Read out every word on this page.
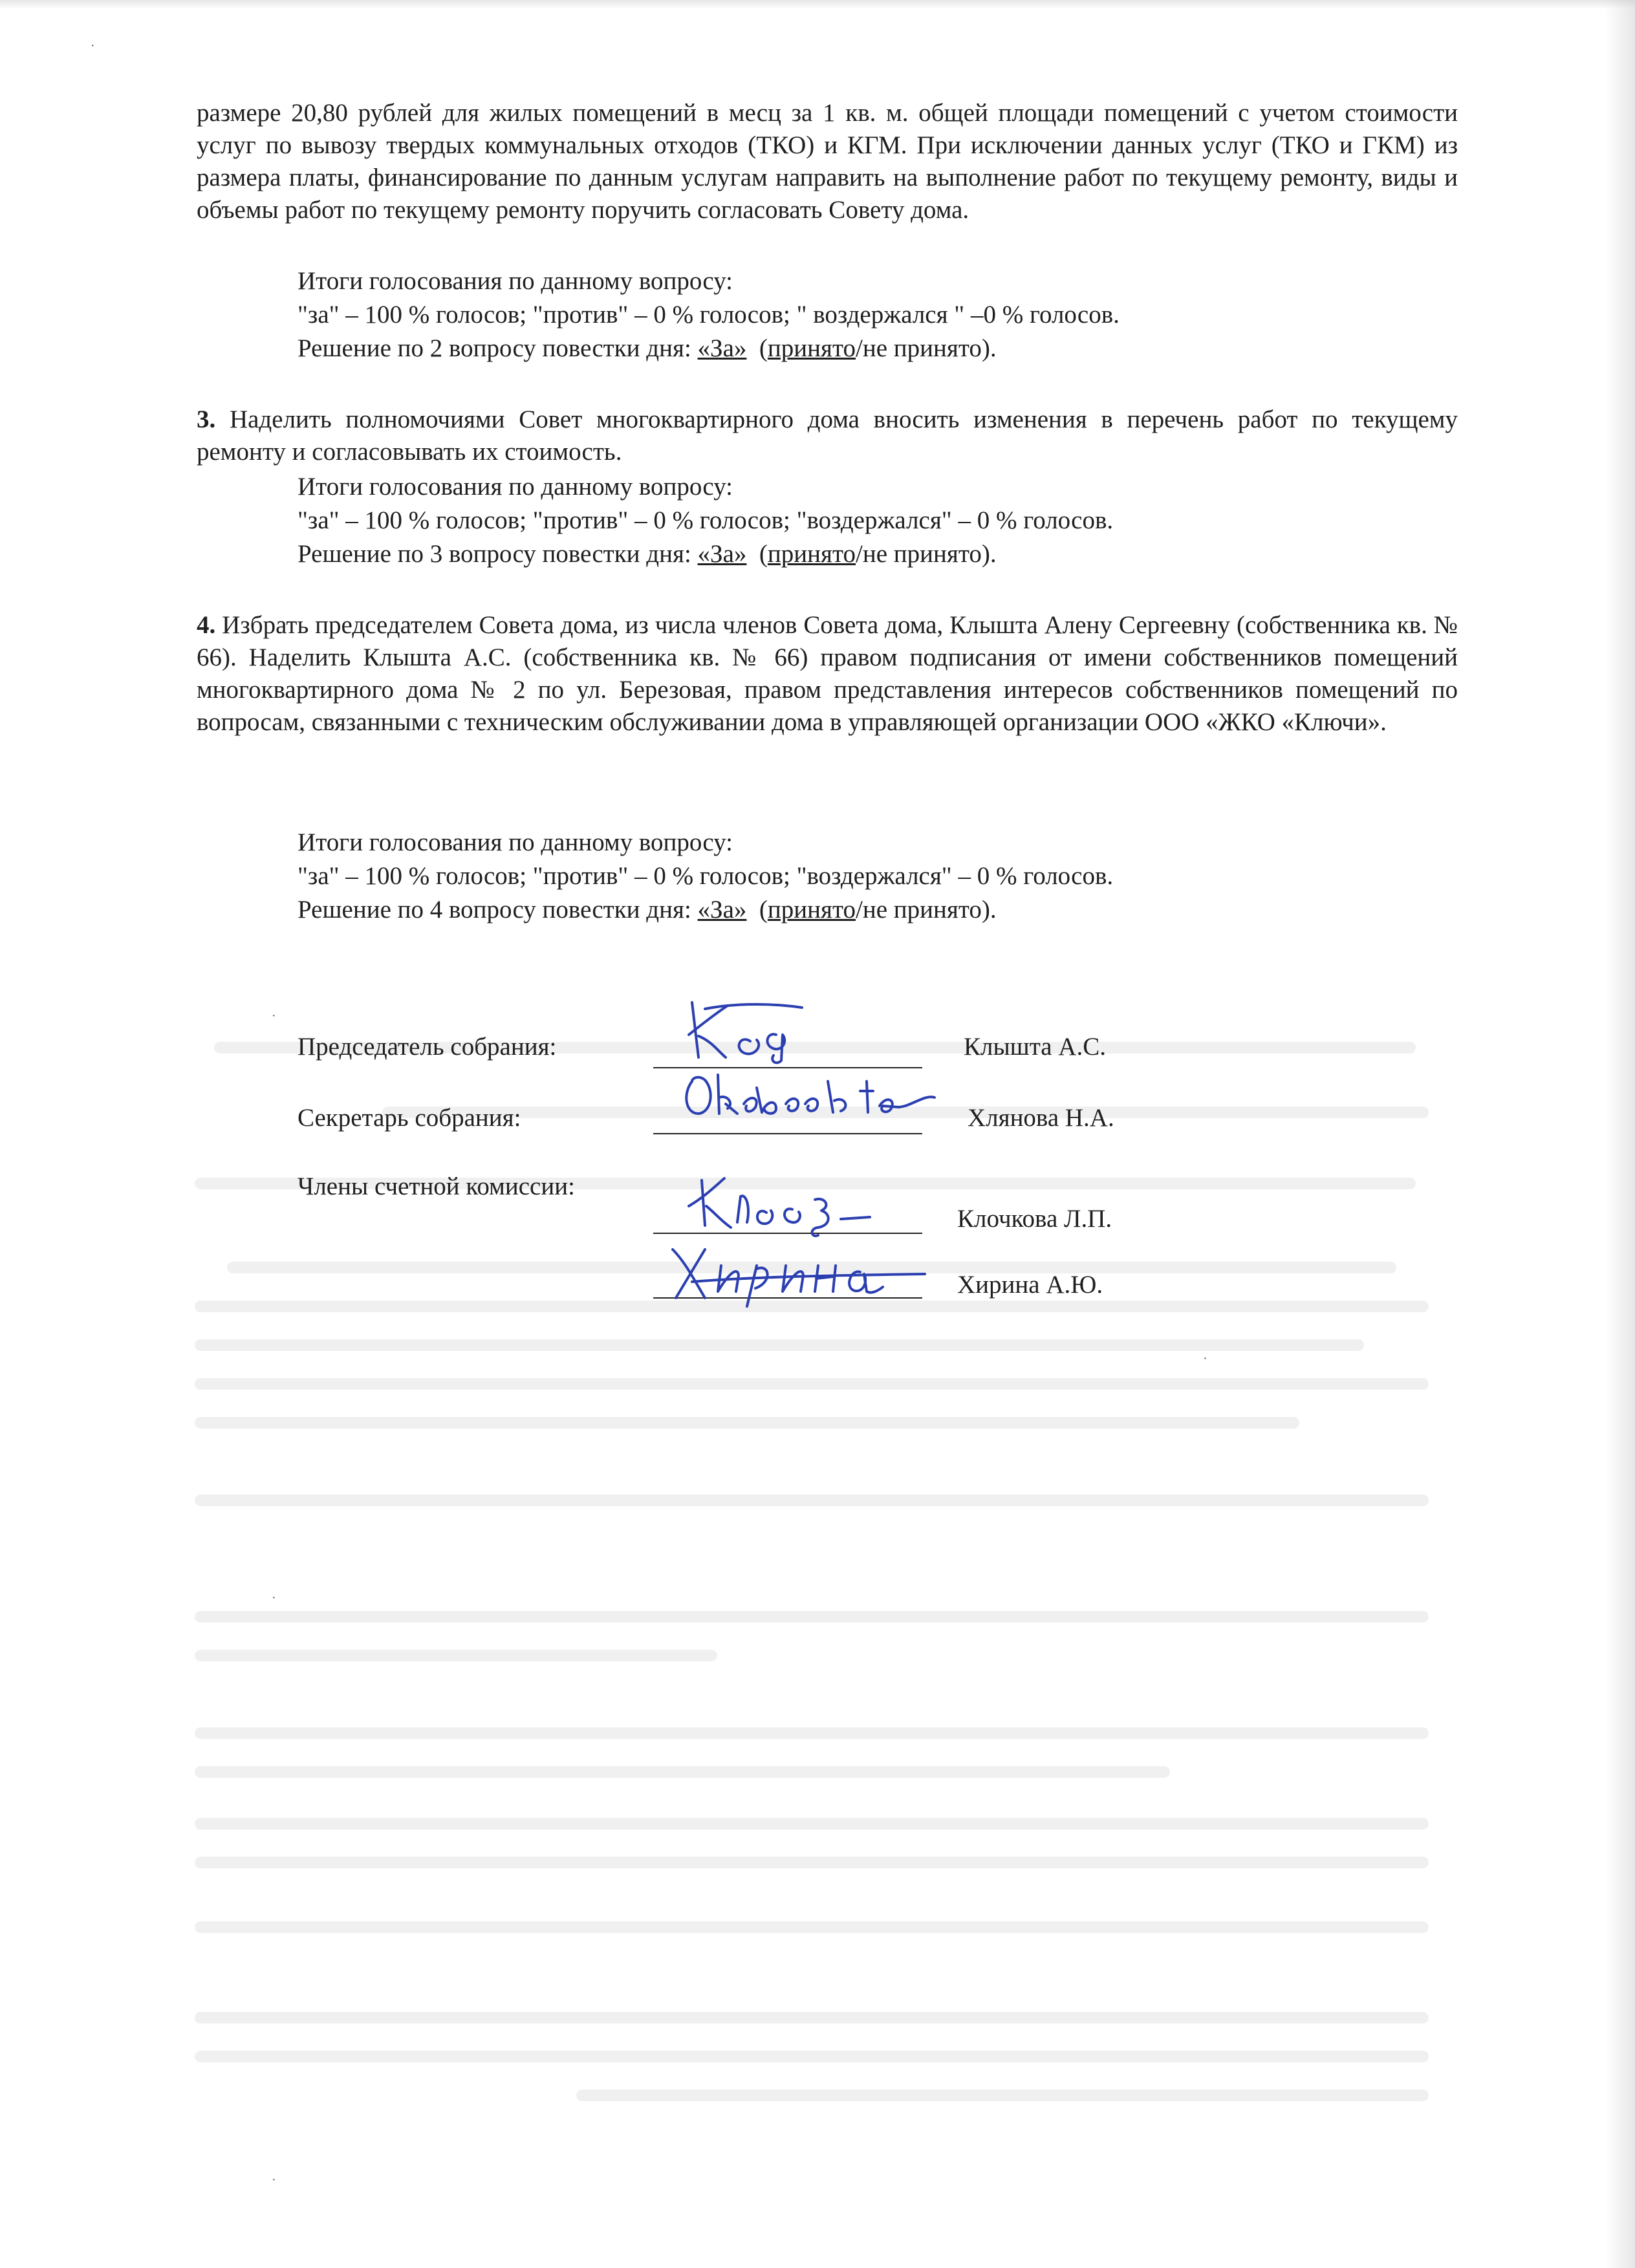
размере 20,80 рублей для жилых помещений в месц за 1 кв. м. общей площади помещений с учетом стоимости услуг по вывозу твердых коммунальных отходов (ТКО) и КГМ. При исключении данных услуг (ТКО и ГКМ) из размера платы, финансирование по данным услугам направить на выполнение работ по текущему ремонту, виды и объемы работ по текущему ремонту поручить согласовать Совету дома.
Итоги голосования по данному вопросу:
"за" – 100 % голосов; "против" – 0 % голосов; " воздержался " –0 % голосов.
Решение по 2 вопросу повестки дня: «За» (принято/не принято).
3. Наделить полномочиями Совет многоквартирного дома вносить изменения в перечень работ по текущему ремонту и согласовывать их стоимость.
Итоги голосования по данному вопросу:
"за" – 100 % голосов; "против" – 0 % голосов; "воздержался" – 0 % голосов.
Решение по 3 вопросу повестки дня: «За» (принято/не принято).
4. Избрать председателем Совета дома, из числа членов Совета дома, Клышта Алену Сергеевну (собственника кв. № 66). Наделить Клышта А.С. (собственника кв. № 66) правом подписания от имени собственников помещений многоквартирного дома № 2 по ул. Березовая, правом представления интересов собственников помещений по вопросам, связанными с техническим обслуживании дома в управляющей организации ООО «ЖКО «Ключи».
Итоги голосования по данному вопросу:
"за" – 100 % голосов; "против" – 0 % голосов; "воздержался" – 0 % голосов.
Решение по 4 вопросу повестки дня: «За» (принято/не принято).
Председатель собрания:	Клышта А.С.
Секретарь собрания:	Хлянова Н.А.
Члены счетной комиссии:
Клочкова Л.П.
Хирина А.Ю.
·
·
·
·
·
